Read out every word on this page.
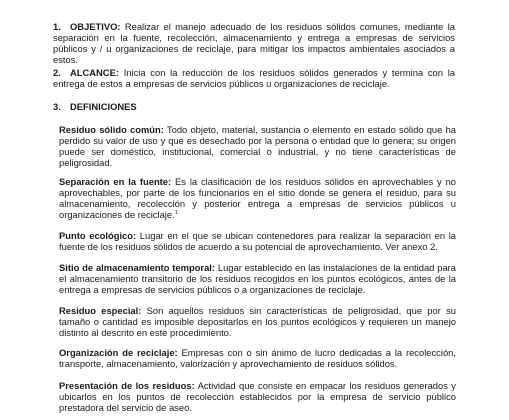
1. OBJETIVO: Realizar el manejo adecuado de los residuos sólidos comunes, mediante la separación en la fuente, recolección, almacenamiento y entrega a empresas de servicios públicos y / u organizaciones de reciclaje, para mitigar los impactos ambientales asociados a estos.

2. ALCANCE: Inicia con la reducción de los residuos sólidos generados y termina con la entrega de estos a empresas de servicios públicos u organizaciones de reciclaje.

3. DEFINICIONES

Residuo sólido común: Todo objeto, material, sustancia o elemento en estado sólido que ha perdido su valor de uso y que es desechado por la persona o entidad que lo genera; su origen puede ser doméstico, institucional, comercial o industrial, y no tiene características de peligrosidad.

Separación en la fuente: Es la clasificación de los residuos sólidos en aprovechables y no aprovechables, por parte de los funcionarios en el sitio donde se genera el residuo, para su almacenamiento, recolección y posterior entrega a empresas de servicios públicos u organizaciones de reciclaje.$^1$

Punto ecológico: Lugar en el que se ubican contenedores para realizar la separación en la fuente de los residuos sólidos de acuerdo a su potencial de aprovechamiento. Ver anexo 2.

Sitio de almacenamiento temporal: Lugar establecido en las instalaciones de la entidad para el almacenamiento transitorio de los residuos recogidos en los puntos ecológicos, antes de la entrega a empresas de servicios públicos o a organizaciones de reciclaje.

Residuo especial: Son aquellos residuos sin características de peligrosidad, que por su tamaño o cantidad es imposible depositarlos en los puntos ecológicos y requieren un manejo distinto al descrito en este procedimiento.

Organización de reciclaje: Empresas con o sin ánimo de lucro dedicadas a la recolección, transporte, almacenamiento, valorización y aprovechamiento de residuos sólidos.

Presentación de los residuos: Actividad que consiste en empacar los residuos generados y ubicarlos en los puntos de recolección establecidos por la empresa de servicio público prestadora del servicio de aseo.
